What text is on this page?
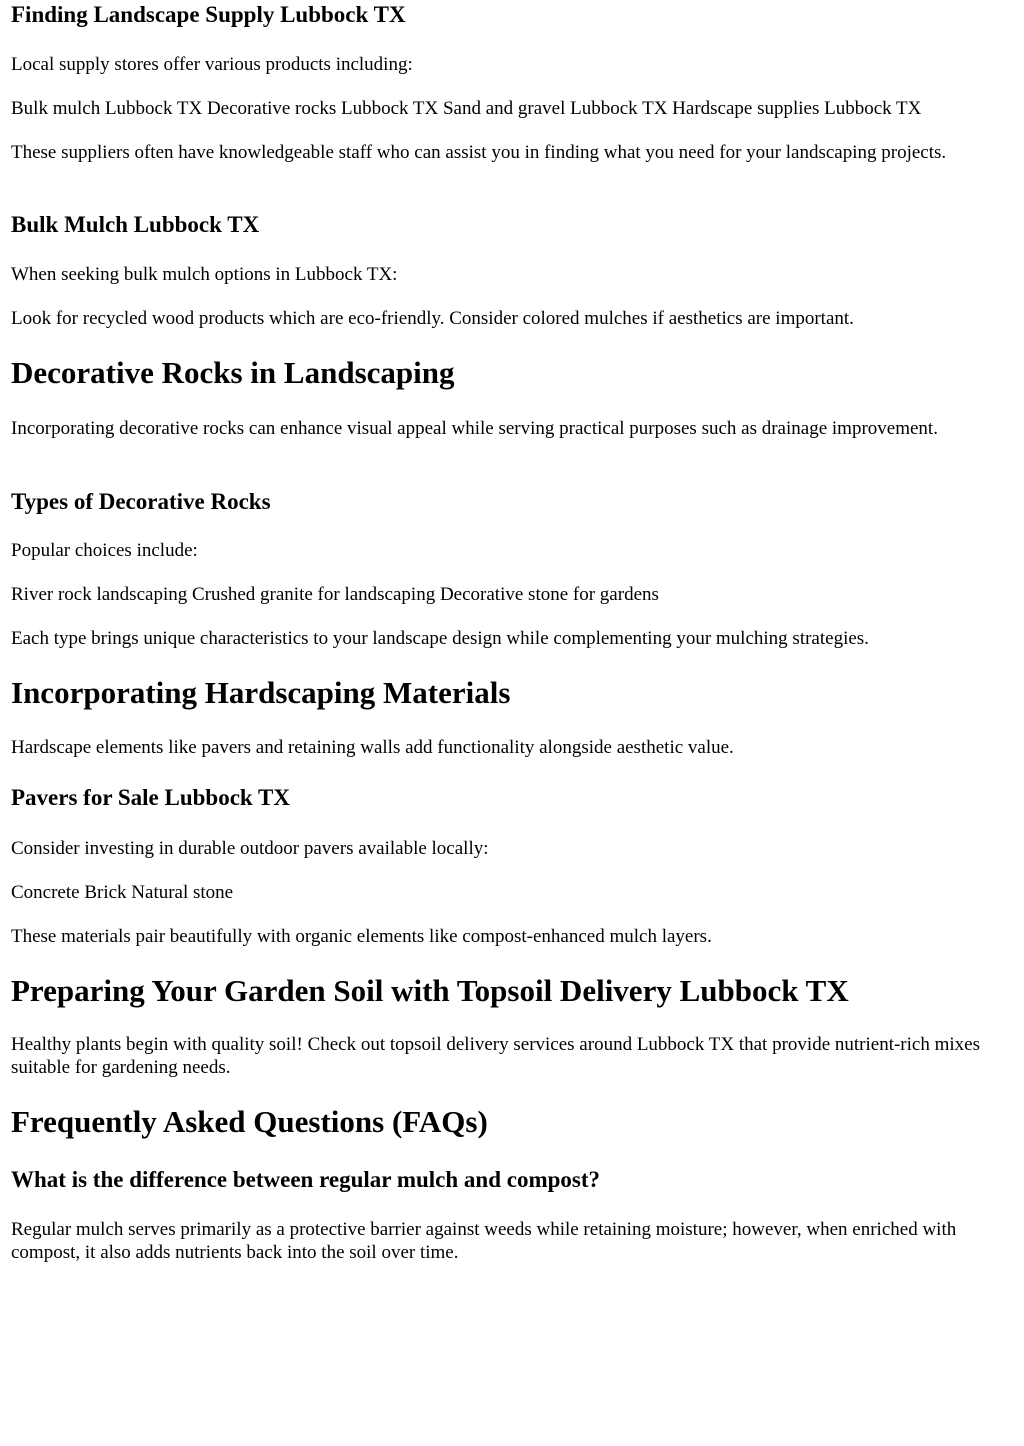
Finding Landscape Supply Lubbock TX
Local supply stores offer various products including:
Bulk mulch Lubbock TX Decorative rocks Lubbock TX Sand and gravel Lubbock TX Hardscape supplies Lubbock TX
These suppliers often have knowledgeable staff who can assist you in finding what you need for your landscaping projects.
Bulk Mulch Lubbock TX
When seeking bulk mulch options in Lubbock TX:
Look for recycled wood products which are eco-friendly. Consider colored mulches if aesthetics are important.
Decorative Rocks in Landscaping
Incorporating decorative rocks can enhance visual appeal while serving practical purposes such as drainage improvement.
Types of Decorative Rocks
Popular choices include:
River rock landscaping Crushed granite for landscaping Decorative stone for gardens
Each type brings unique characteristics to your landscape design while complementing your mulching strategies.
Incorporating Hardscaping Materials
Hardscape elements like pavers and retaining walls add functionality alongside aesthetic value.
Pavers for Sale Lubbock TX
Consider investing in durable outdoor pavers available locally:
Concrete Brick Natural stone
These materials pair beautifully with organic elements like compost-enhanced mulch layers.
Preparing Your Garden Soil with Topsoil Delivery Lubbock TX
Healthy plants begin with quality soil! Check out topsoil delivery services around Lubbock TX that provide nutrient-rich mixes suitable for gardening needs.
Frequently Asked Questions (FAQs)
What is the difference between regular mulch and compost?
Regular mulch serves primarily as a protective barrier against weeds while retaining moisture; however, when enriched with compost, it also adds nutrients back into the soil over time.
